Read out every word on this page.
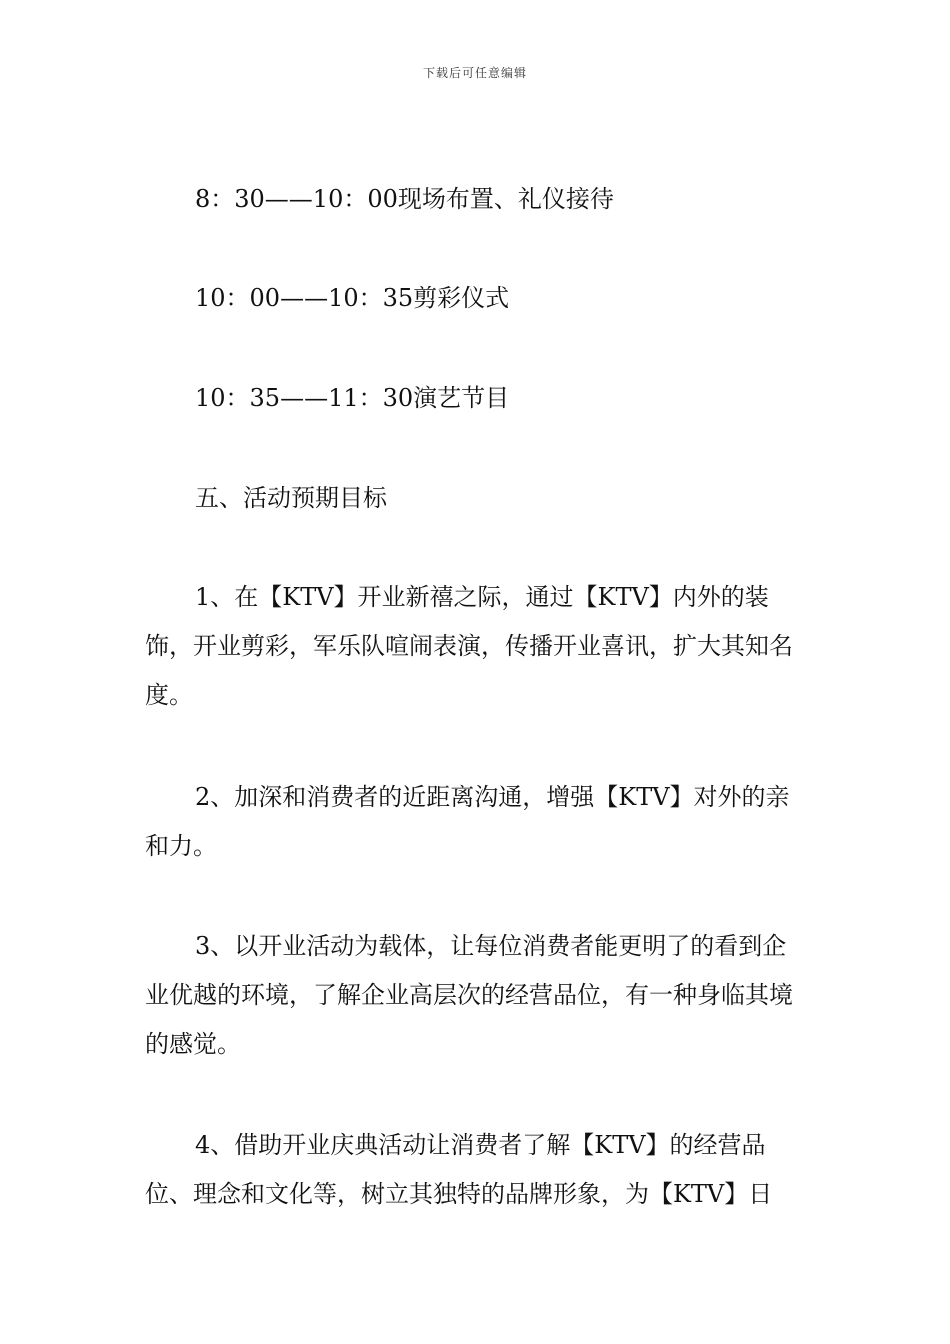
下载后可任意编辑

8：30——10：00现场布置、礼仪接待

10：00——10：35剪彩仪式

10：35——11：30演艺节目

五、活动预期目标

1、在【KTV】开业新禧之际，通过【KTV】内外的装饰，开业剪彩，军乐队喧闹表演，传播开业喜讯，扩大其知名度。

2、加深和消费者的近距离沟通，增强【KTV】对外的亲和力。

3、以开业活动为载体，让每位消费者能更明了的看到企业优越的环境，了解企业高层次的经营品位，有一种身临其境的感觉。

4、借助开业庆典活动让消费者了解【KTV】的经营品位、理念和文化等，树立其独特的品牌形象，为【KTV】日
